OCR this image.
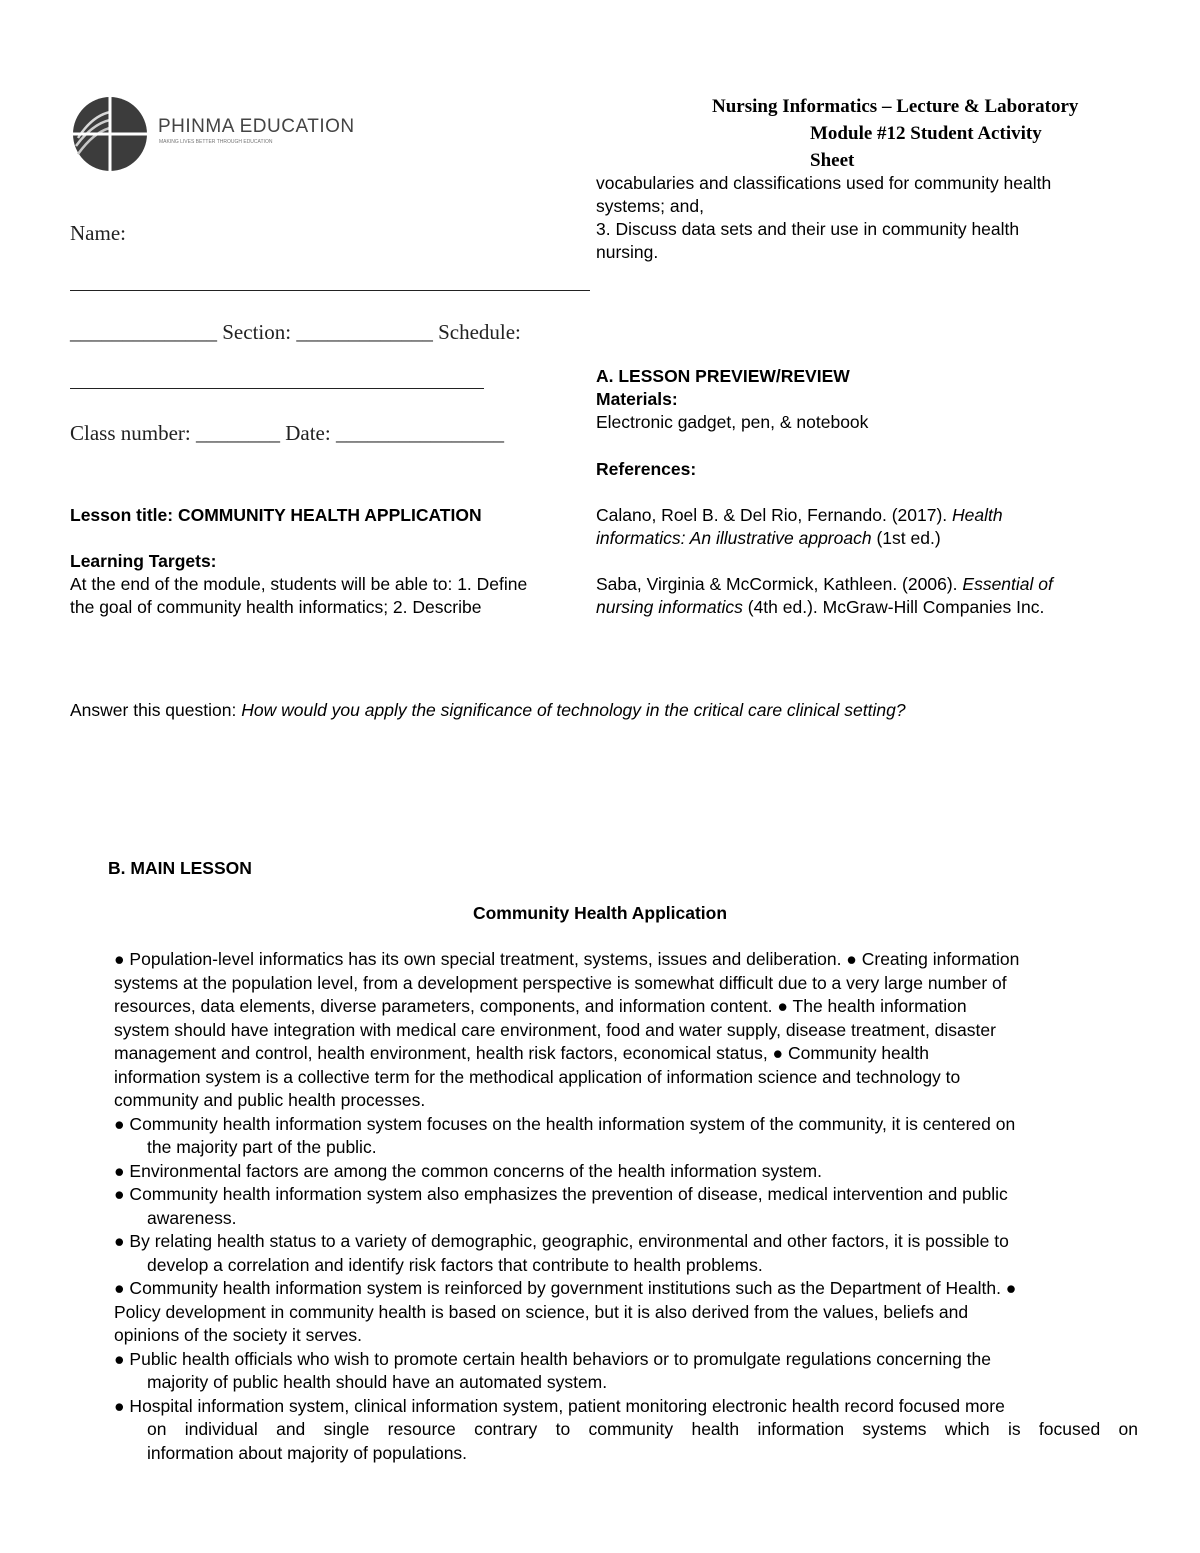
PHINMA EDUCATION
MAKING LIVES BETTER THROUGH EDUCATION
Nursing Informatics – Lecture & Laboratory
Module #12 Student Activity
Sheet
vocabularies and classifications used for community health
systems; and,
3. Discuss data sets and their use in community health
nursing.
Name:
______________ Section: _____________ Schedule:
Class number: ________ Date: ________________
A. LESSON PREVIEW/REVIEW
Materials:
Electronic gadget, pen, & notebook
References:
Calano, Roel B. & Del Rio, Fernando. (2017). Health
informatics: An illustrative approach (1st ed.)
Saba, Virginia & McCormick, Kathleen. (2006). Essential of
nursing informatics (4th ed.). McGraw-Hill Companies Inc.
Lesson title: COMMUNITY HEALTH APPLICATION
Learning Targets:
At the end of the module, students will be able to: 1. Define
the goal of community health informatics; 2. Describe
Answer this question: How would you apply the significance of technology in the critical care clinical setting?
B. MAIN LESSON
Community Health Application
● Population-level informatics has its own special treatment, systems, issues and deliberation. ● Creating information
systems at the population level, from a development perspective is somewhat difficult due to a very large number of
resources, data elements, diverse parameters, components, and information content. ● The health information
system should have integration with medical care environment, food and water supply, disease treatment, disaster
management and control, health environment, health risk factors, economical status, ● Community health
information system is a collective term for the methodical application of information science and technology to
community and public health processes.
● Community health information system focuses on the health information system of the community, it is centered on
the majority part of the public.
● Environmental factors are among the common concerns of the health information system.
● Community health information system also emphasizes the prevention of disease, medical intervention and public
awareness.
● By relating health status to a variety of demographic, geographic, environmental and other factors, it is possible to
develop a correlation and identify risk factors that contribute to health problems.
● Community health information system is reinforced by government institutions such as the Department of Health. ●
Policy development in community health is based on science, but it is also derived from the values, beliefs and
opinions of the society it serves.
● Public health officials who wish to promote certain health behaviors or to promulgate regulations concerning the
majority of public health should have an automated system.
● Hospital information system, clinical information system, patient monitoring electronic health record focused more
on individual and single resource contrary to community health information systems which is focused on
information about majority of populations.
